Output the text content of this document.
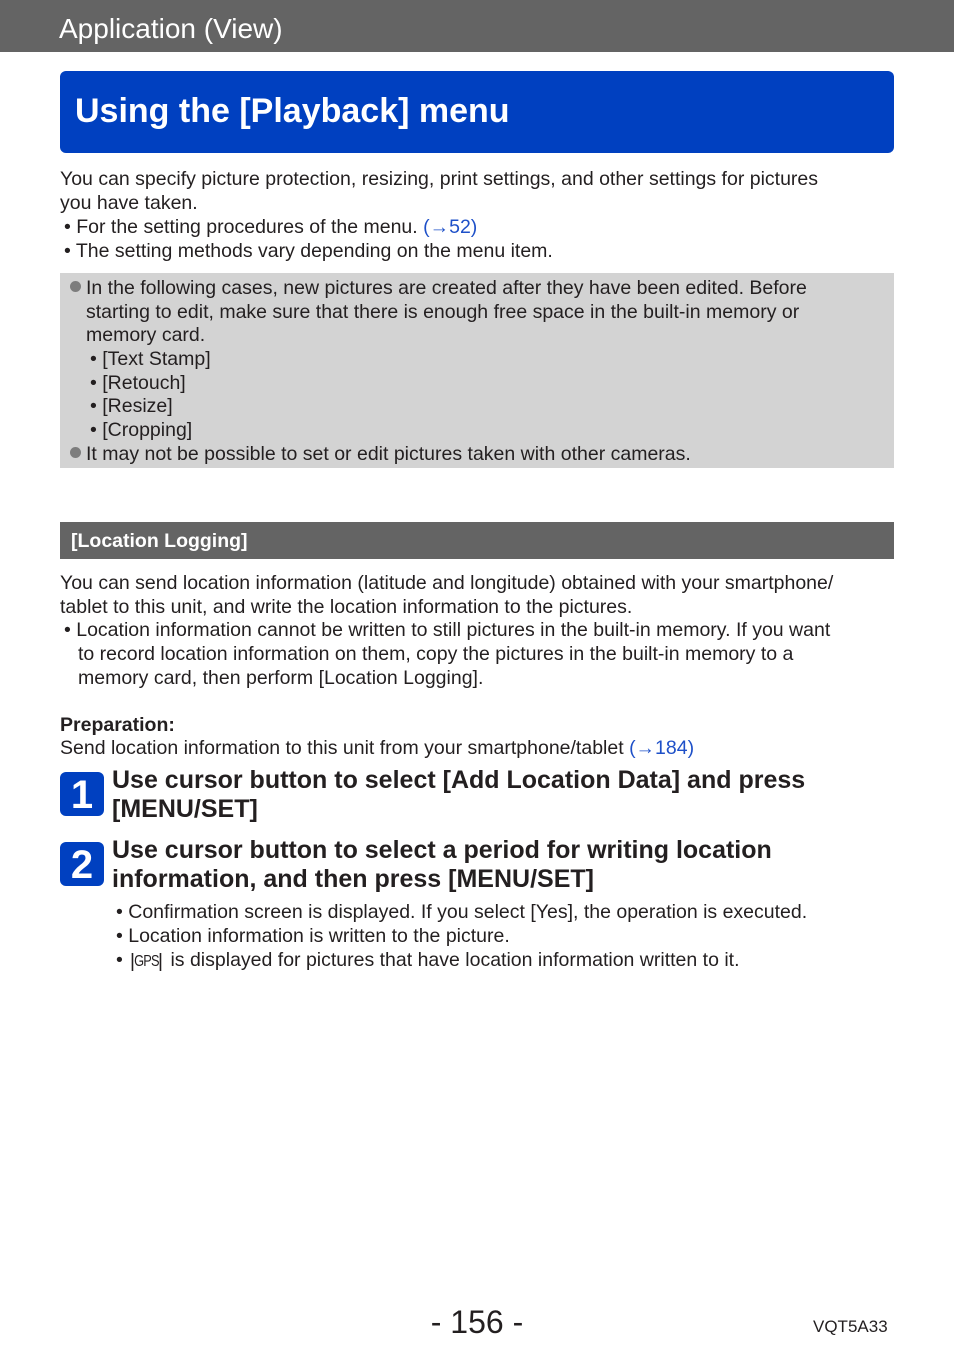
Application (View)
Using the [Playback] menu
You can specify picture protection, resizing, print settings, and other settings for pictures
you have taken.
• For the setting procedures of the menu. (→52)
• The setting methods vary depending on the menu item.
In the following cases, new pictures are created after they have been edited. Before
starting to edit, make sure that there is enough free space in the built-in memory or
memory card.
• [Text Stamp]
• [Retouch]
• [Resize]
• [Cropping]
It may not be possible to set or edit pictures taken with other cameras.
[Location Logging]
You can send location information (latitude and longitude) obtained with your smartphone/
tablet to this unit, and write the location information to the pictures.
• Location information cannot be written to still pictures in the built-in memory. If you want
to record location information on them, copy the pictures in the built-in memory to a
memory card, then perform [Location Logging].
Preparation:
Send location information to this unit from your smartphone/tablet (→184)
1 Use cursor button to select [Add Location Data] and press
[MENU/SET]
2 Use cursor button to select a period for writing location
information, and then press [MENU/SET]
• Confirmation screen is displayed. If you select [Yes], the operation is executed.
• Location information is written to the picture.
• GPS is displayed for pictures that have location information written to it.
- 156 -	VQT5A33
